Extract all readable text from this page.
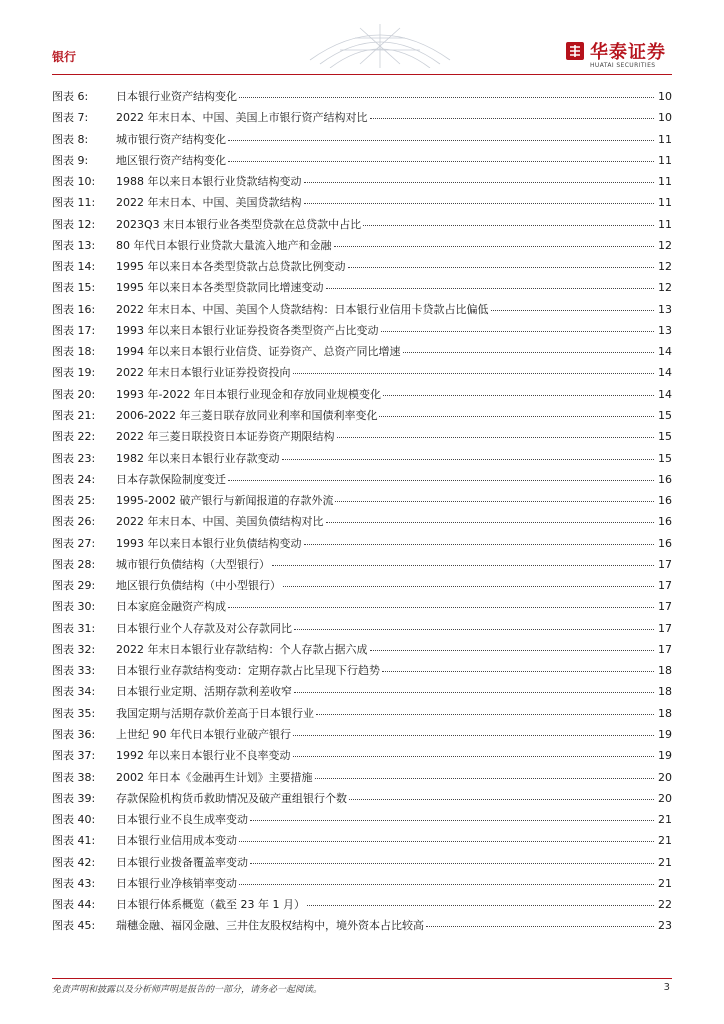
银行	华泰证券
HUATAI SECURITIES
图表 6:	日本银行业资产结构变化	10
图表 7:	2022 年末日本、中国、美国上市银行资产结构对比	10
图表 8:	城市银行资产结构变化	11
图表 9:	地区银行资产结构变化	11
图表 10:	1988 年以来日本银行业贷款结构变动	11
图表 11:	2022 年末日本、中国、美国贷款结构	11
图表 12:	2023Q3 末日本银行业各类型贷款在总贷款中占比	11
图表 13:	80 年代日本银行业贷款大量流入地产和金融	12
图表 14:	1995 年以来日本各类型贷款占总贷款比例变动	12
图表 15:	1995 年以来日本各类型贷款同比增速变动	12
图表 16:	2022 年末日本、中国、美国个人贷款结构：日本银行业信用卡贷款占比偏低	13
图表 17:	1993 年以来日本银行业证券投资各类型资产占比变动	13
图表 18:	1994 年以来日本银行业信贷、证券资产、总资产同比增速	14
图表 19:	2022 年末日本银行业证券投资投向	14
图表 20:	1993 年-2022 年日本银行业现金和存放同业规模变化	14
图表 21:	2006-2022 年三菱日联存放同业利率和国债利率变化	15
图表 22:	2022 年三菱日联投资日本证券资产期限结构	15
图表 23:	1982 年以来日本银行业存款变动	15
图表 24:	日本存款保险制度变迁	16
图表 25:	1995-2002 破产银行与新闻报道的存款外流	16
图表 26:	2022 年末日本、中国、美国负债结构对比	16
图表 27:	1993 年以来日本银行业负债结构变动	16
图表 28:	城市银行负债结构（大型银行）	17
图表 29:	地区银行负债结构（中小型银行）	17
图表 30:	日本家庭金融资产构成	17
图表 31:	日本银行业个人存款及对公存款同比	17
图表 32:	2022 年末日本银行业存款结构：个人存款占据六成	17
图表 33:	日本银行业存款结构变动：定期存款占比呈现下行趋势	18
图表 34:	日本银行业定期、活期存款利差收窄	18
图表 35:	我国定期与活期存款价差高于日本银行业	18
图表 36:	上世纪 90 年代日本银行业破产银行	19
图表 37:	1992 年以来日本银行业不良率变动	19
图表 38:	2002 年日本《金融再生计划》主要措施	20
图表 39:	存款保险机构货币救助情况及破产重组银行个数	20
图表 40:	日本银行业不良生成率变动	21
图表 41:	日本银行业信用成本变动	21
图表 42:	日本银行业拨备覆盖率变动	21
图表 43:	日本银行业净核销率变动	21
图表 44:	日本银行体系概览（截至 23 年 1 月）	22
图表 45:	瑞穗金融、福冈金融、三井住友股权结构中，境外资本占比较高	23
免责声明和披露以及分析师声明是报告的一部分，请务必一起阅读。	3
